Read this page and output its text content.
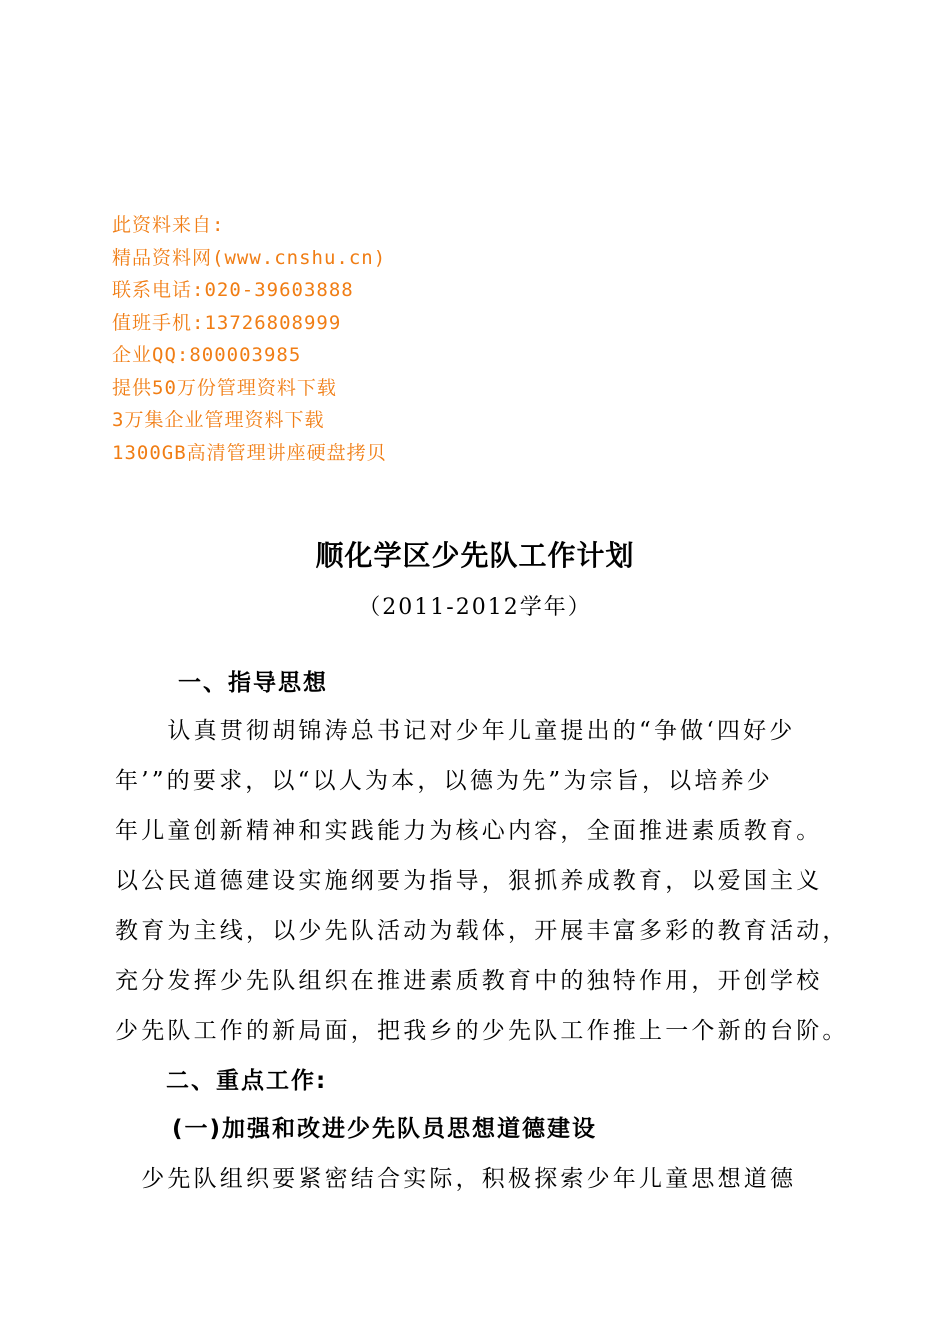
此资料来自:
精品资料网(www.cnshu.cn)
联系电话:020-39603888
值班手机:13726808999
企业QQ:800003985
提供50万份管理资料下载
3万集企业管理资料下载
1300GB高清管理讲座硬盘拷贝
顺化学区少先队工作计划
（2011-2012学年）
一、指导思想
　　认真贯彻胡锦涛总书记对少年儿童提出的“争做‘四好少
年’”的要求，以“以人为本，以德为先”为宗旨，以培养少
年儿童创新精神和实践能力为核心内容，全面推进素质教育。
以公民道德建设实施纲要为指导，狠抓养成教育，以爱国主义
教育为主线，以少先队活动为载体，开展丰富多彩的教育活动，
充分发挥少先队组织在推进素质教育中的独特作用，开创学校
少先队工作的新局面，把我乡的少先队工作推上一个新的台阶。
二、重点工作:
(一)加强和改进少先队员思想道德建设
　少先队组织要紧密结合实际，积极探索少年儿童思想道德
